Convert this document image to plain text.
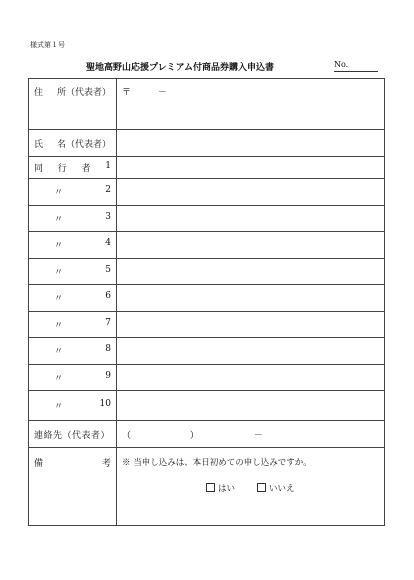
様式第１号
聖地高野山応援プレミアム付商品券購入申込書	No.
住 所（代表者）	〒 －

氏 名（代表者）	

同 行 者 1	

〃 2	

〃 3	

〃 4	

〃 5	

〃 6	

〃 7	

〃 8	

〃 9	

〃 10	

連絡先（代表者）	（ ） －

備 考	※ 当申し込みは、本日初めての申し込みですか。
はい いいえ
